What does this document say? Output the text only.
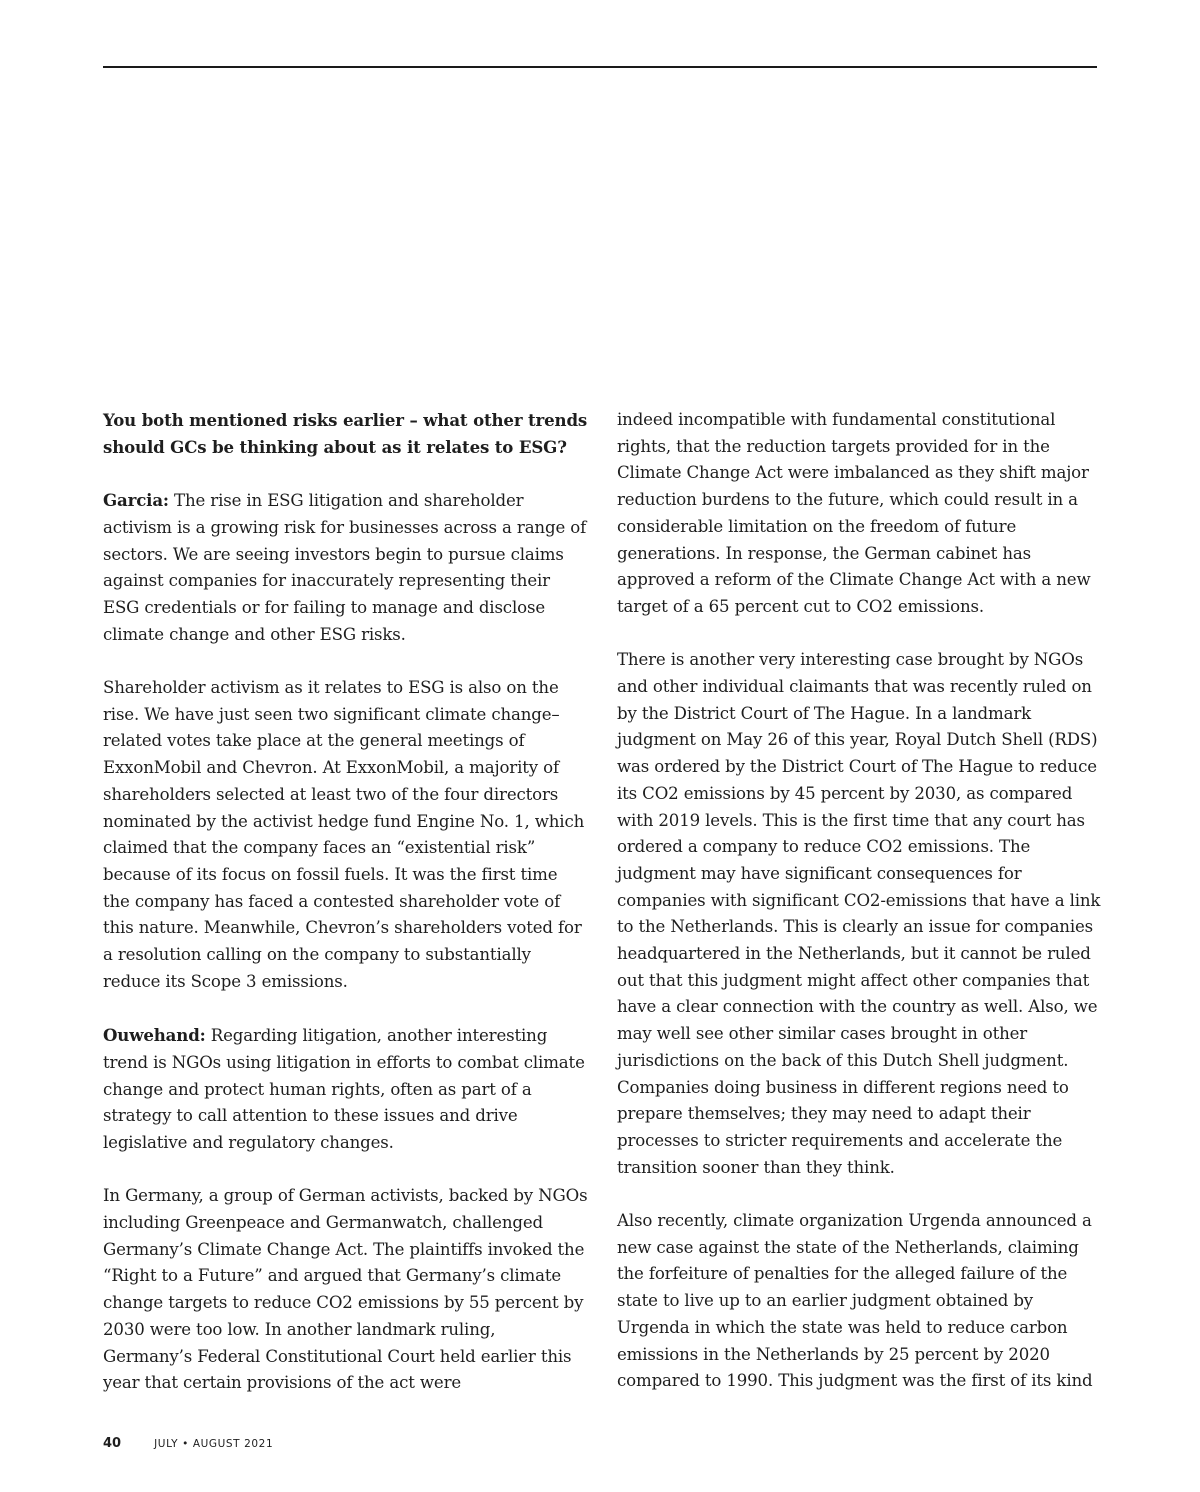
You both mentioned risks earlier – what other trends should GCs be thinking about as it relates to ESG?

Garcia: The rise in ESG litigation and shareholder activism is a growing risk for businesses across a range of sectors. We are seeing investors begin to pursue claims against companies for inaccurately representing their ESG credentials or for failing to manage and disclose climate change and other ESG risks.

Shareholder activism as it relates to ESG is also on the rise. We have just seen two significant climate change–related votes take place at the general meetings of ExxonMobil and Chevron. At ExxonMobil, a majority of shareholders selected at least two of the four directors nominated by the activist hedge fund Engine No. 1, which claimed that the company faces an “existential risk” because of its focus on fossil fuels. It was the first time the company has faced a contested shareholder vote of this nature. Meanwhile, Chevron’s shareholders voted for a resolution calling on the company to substantially reduce its Scope 3 emissions.

Ouwehand: Regarding litigation, another interesting trend is NGOs using litigation in efforts to combat climate change and protect human rights, often as part of a strategy to call attention to these issues and drive legislative and regulatory changes.

In Germany, a group of German activists, backed by NGOs including Greenpeace and Germanwatch, challenged Germany’s Climate Change Act. The plaintiffs invoked the “Right to a Future” and argued that Germany’s climate change targets to reduce CO2 emissions by 55 percent by 2030 were too low. In another landmark ruling, Germany’s Federal Constitutional Court held earlier this year that certain provisions of the act were

indeed incompatible with fundamental constitutional rights, that the reduction targets provided for in the Climate Change Act were imbalanced as they shift major reduction burdens to the future, which could result in a considerable limitation on the freedom of future generations. In response, the German cabinet has approved a reform of the Climate Change Act with a new target of a 65 percent cut to CO2 emissions.

There is another very interesting case brought by NGOs and other individual claimants that was recently ruled on by the District Court of The Hague. In a landmark judgment on May 26 of this year, Royal Dutch Shell (RDS) was ordered by the District Court of The Hague to reduce its CO2 emissions by 45 percent by 2030, as compared with 2019 levels. This is the first time that any court has ordered a company to reduce CO2 emissions. The judgment may have significant consequences for companies with significant CO2-emissions that have a link to the Netherlands. This is clearly an issue for companies headquartered in the Netherlands, but it cannot be ruled out that this judgment might affect other companies that have a clear connection with the country as well. Also, we may well see other similar cases brought in other jurisdictions on the back of this Dutch Shell judgment. Companies doing business in different regions need to prepare themselves; they may need to adapt their processes to stricter requirements and accelerate the transition sooner than they think.

Also recently, climate organization Urgenda announced a new case against the state of the Netherlands, claiming the forfeiture of penalties for the alleged failure of the state to live up to an earlier judgment obtained by Urgenda in which the state was held to reduce carbon emissions in the Netherlands by 25 percent by 2020 compared to 1990. This judgment was the first of its kind

40	JULY • AUGUST 2021
